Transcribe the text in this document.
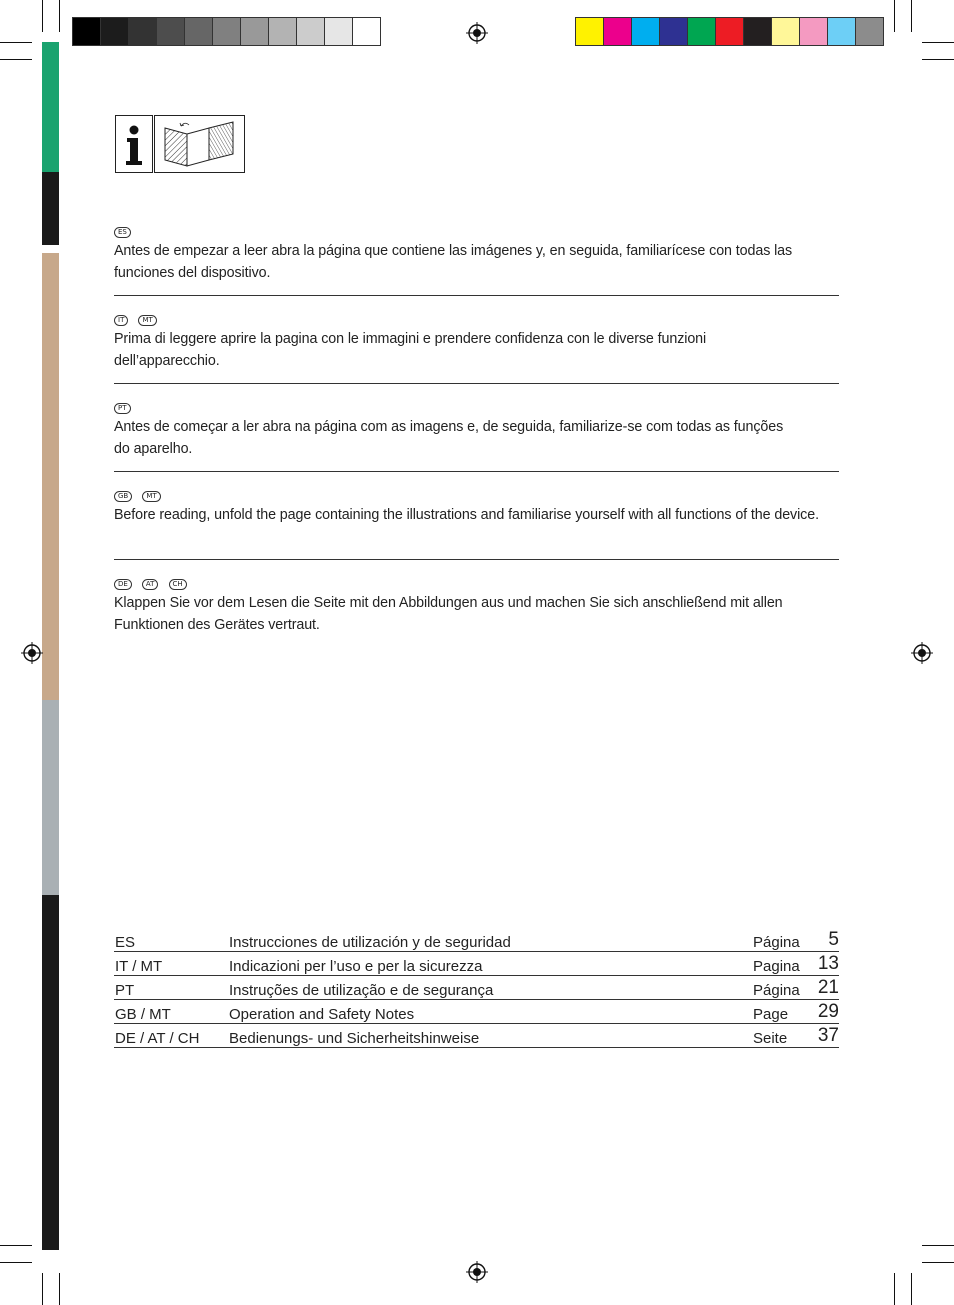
ES

Antes de empezar a leer abra la página que contiene las imágenes y, en seguida, familiarícese con todas las funciones del dispositivo.

IT	MT

Prima di leggere aprire la pagina con le immagini e prendere confidenza con le diverse funzioni dell’apparecchio.

PT

Antes de começar a ler abra na página com as imagens e, de seguida, familiarize-se com todas as funções do aparelho.

GB	MT

Before reading, unfold the page containing the illustrations and familiarise yourself with all functions of the device.

DE	AT	CH

Klappen Sie vor dem Lesen die Seite mit den Abbildungen aus und machen Sie sich anschließend mit allen Funktionen des Gerätes vertraut.

ES	Instrucciones de utilización y de seguridad	Página	5
IT / MT	Indicazioni per l’uso e per la sicurezza	Pagina	13
PT	Instruções de utilização e de segurança	Página	21
GB / MT	Operation and Safety Notes	Page	29
DE / AT / CH	Bedienungs- und Sicherheitshinweise	Seite	37
